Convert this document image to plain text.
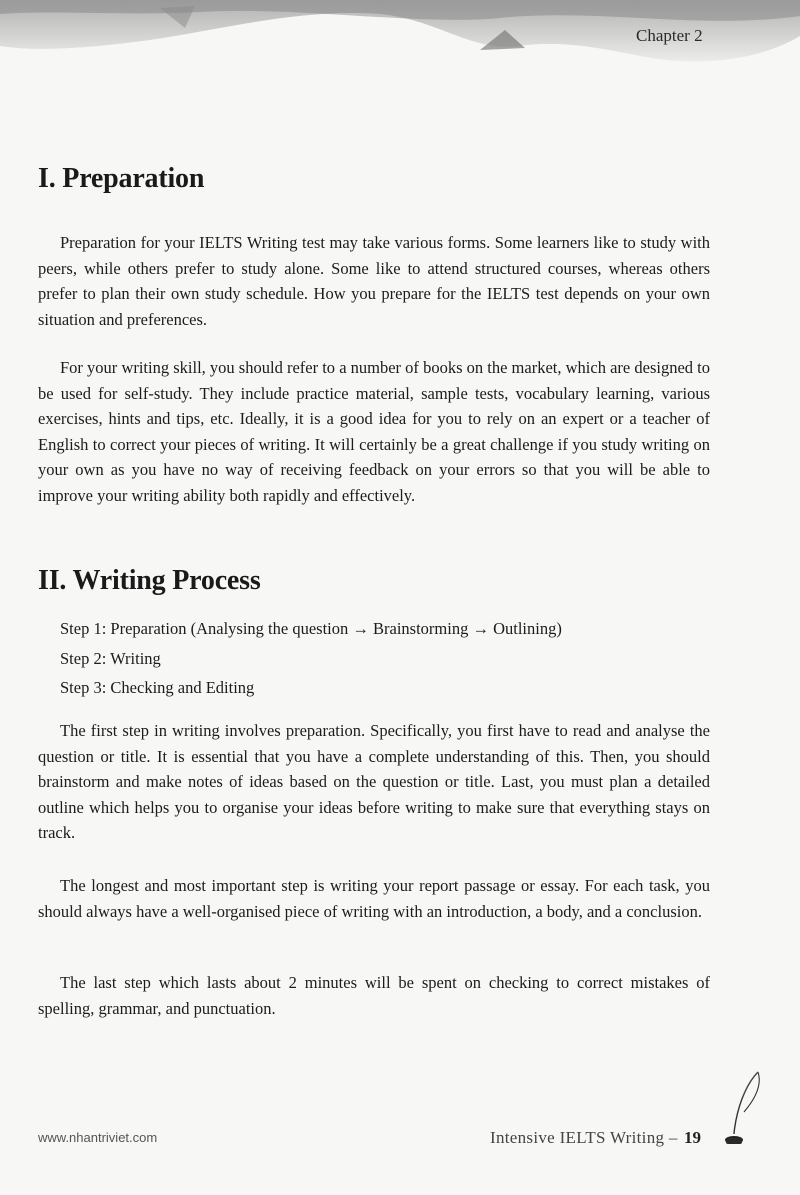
Chapter 2
I. Preparation

Preparation for your IELTS Writing test may take various forms. Some learners like to study with peers, while others prefer to study alone. Some like to attend structured courses, whereas others prefer to plan their own study schedule. How you prepare for the IELTS test depends on your own situation and preferences.

For your writing skill, you should refer to a number of books on the market, which are designed to be used for self-study. They include practice material, sample tests, vocabulary learning, various exercises, hints and tips, etc. Ideally, it is a good idea for you to rely on an expert or a teacher of English to correct your pieces of writing. It will certainly be a great challenge if you study writing on your own as you have no way of receiving feedback on your errors so that you will be able to improve your writing ability both rapidly and effectively.

II. Writing Process
Step 1: Preparation (Analysing the question → Brainstorming → Outlining)
Step 2: Writing
Step 3: Checking and Editing

The first step in writing involves preparation. Specifically, you first have to read and analyse the question or title. It is essential that you have a complete understanding of this. Then, you should brainstorm and make notes of ideas based on the question or title. Last, you must plan a detailed outline which helps you to organise your ideas before writing to make sure that everything stays on track.

The longest and most important step is writing your report passage or essay. For each task, you should always have a well-organised piece of writing with an introduction, a body, and a conclusion.

The last step which lasts about 2 minutes will be spent on checking to correct mistakes of spelling, grammar, and punctuation.

www.nhantriviet.com	Intensive IELTS Writing – 19
